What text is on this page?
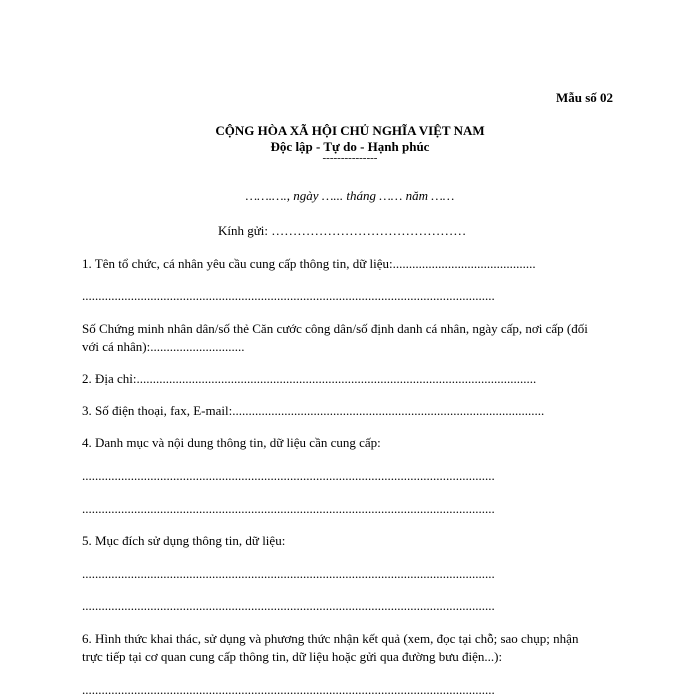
Mẫu số 02
CỘNG HÒA XÃ HỘI CHỦ NGHĨA VIỆT NAM
Độc lập - Tự do - Hạnh phúc
---------------
…….…., ngày …... tháng …… năm ……
Kính gửi: ………………………………………
1. Tên tổ chức, cá nhân yêu cầu cung cấp thông tin, dữ liệu:............................................
...............................................................................................................................
Số Chứng minh nhân dân/số thẻ Căn cước công dân/số định danh cá nhân, ngày cấp, nơi cấp (đối
với cá nhân):.............................
2. Địa chỉ:...........................................................................................................................
3. Số điện thoại, fax, E-mail:................................................................................................
4. Danh mục và nội dung thông tin, dữ liệu cần cung cấp:
...............................................................................................................................
...............................................................................................................................
5. Mục đích sử dụng thông tin, dữ liệu:
...............................................................................................................................
...............................................................................................................................
6. Hình thức khai thác, sử dụng và phương thức nhận kết quả (xem, đọc tại chỗ; sao chụp; nhận
trực tiếp tại cơ quan cung cấp thông tin, dữ liệu hoặc gửi qua đường bưu điện...):
...............................................................................................................................
